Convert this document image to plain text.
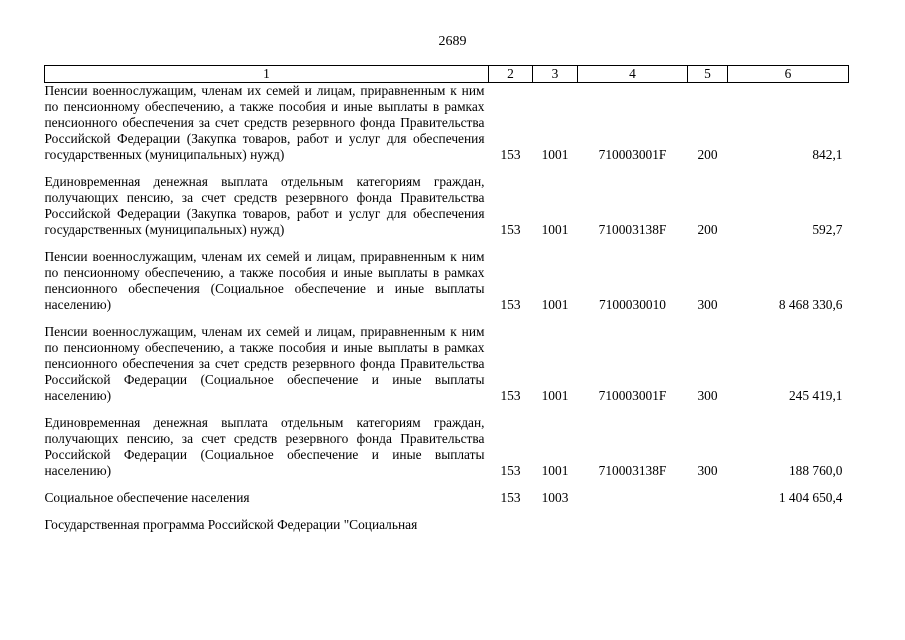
2689
1	2	3	4	5	6

Пенсии военнослужащим, членам их семей и лицам, приравненным к ним по пенсионному обеспечению, а также пособия и иные выплаты в рамках пенсионного обеспечения за счет средств резервного фонда Правительства Российской Федерации (Закупка товаров, работ и услуг для обеспечения государственных (муниципальных) нужд)	153	1001	710003001F	200	842,1

Единовременная денежная выплата отдельным категориям граждан, получающих пенсию, за счет средств резервного фонда Правительства Российской Федерации (Закупка товаров, работ и услуг для обеспечения государственных (муниципальных) нужд)	153	1001	710003138F	200	592,7

Пенсии военнослужащим, членам их семей и лицам, приравненным к ним по пенсионному обеспечению, а также пособия и иные выплаты в рамках пенсионного обеспечения (Социальное обеспечение и иные выплаты населению)	153	1001	7100030010	300	8 468 330,6

Пенсии военнослужащим, членам их семей и лицам, приравненным к ним по пенсионному обеспечению, а также пособия и иные выплаты в рамках пенсионного обеспечения за счет средств резервного фонда Правительства Российской Федерации (Социальное обеспечение и иные выплаты населению)	153	1001	710003001F	300	245 419,1

Единовременная денежная выплата отдельным категориям граждан, получающих пенсию, за счет средств резервного фонда Правительства Российской Федерации (Социальное обеспечение и иные выплаты населению)	153	1001	710003138F	300	188 760,0

Социальное обеспечение населения	153	1003			1 404 650,4

Государственная программа Российской Федерации "Социальная					
